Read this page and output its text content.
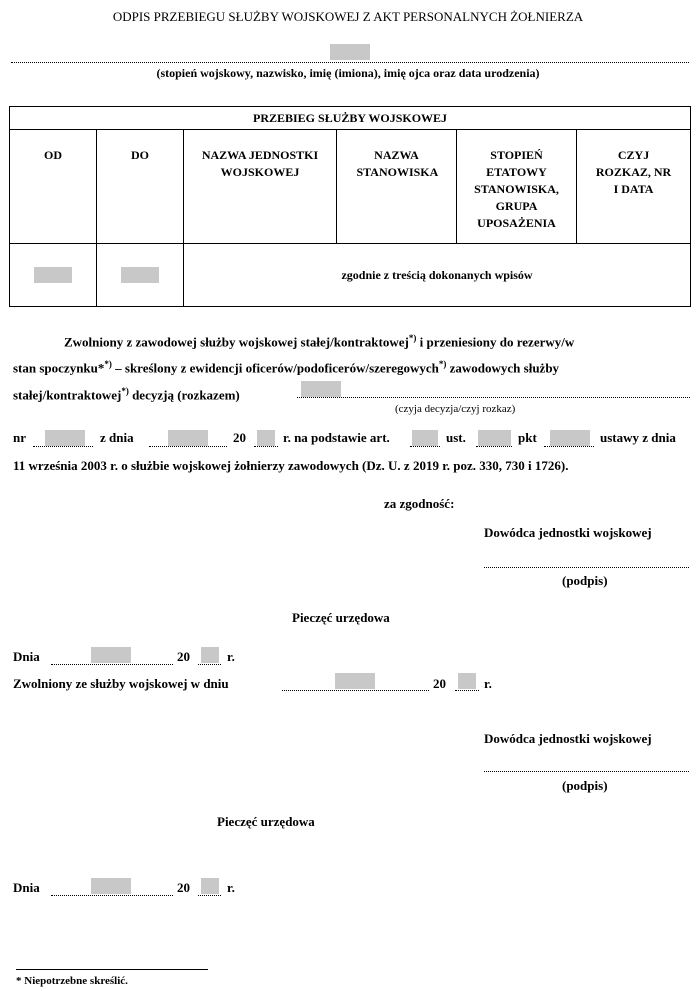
ODPIS PRZEBIEGU SŁUŻBY WOJSKOWEJ Z AKT PERSONALNYCH ŻOŁNIERZA
(stopień wojskowy, nazwisko, imię (imiona), imię ojca oraz data urodzenia)
PRZEBIEG SŁUŻBY WOJSKOWEJ					
OD	DO	NAZWA JEDNOSTKI WOJSKOWEJ	NAZWA STANOWISKA	STOPIEŃ ETATOWY STANOWISKA, GRUPA UPOSAŻENIA	CZYJ ROZKAZ, NR I DATA
		zgodnie z treścią dokonanych wpisów			
Zwolniony z zawodowej służby wojskowej stałej/kontraktowej*) i przeniesiony do rezerwy/w
stan spoczynku**) – skreślony z ewidencji oficerów/podoficerów/szeregowych*) zawodowych służby
stałej/kontraktowej*) decyzją (rozkazem)
(czyja decyzja/czyj rozkaz)
nr	z dnia	20	r. na podstawie art.	ust.	pkt	ustawy z dnia
11 września 2003 r. o służbie wojskowej żołnierzy zawodowych (Dz. U. z 2019 r. poz. 330, 730 i 1726).
za zgodność:
Dowódca jednostki wojskowej
(podpis)
Pieczęć urzędowa
Dnia	20	r.
Zwolniony ze służby wojskowej w dniu	20	r.
Dowódca jednostki wojskowej
(podpis)
Pieczęć urzędowa
Dnia	20	r.
* Niepotrzebne skreślić.
